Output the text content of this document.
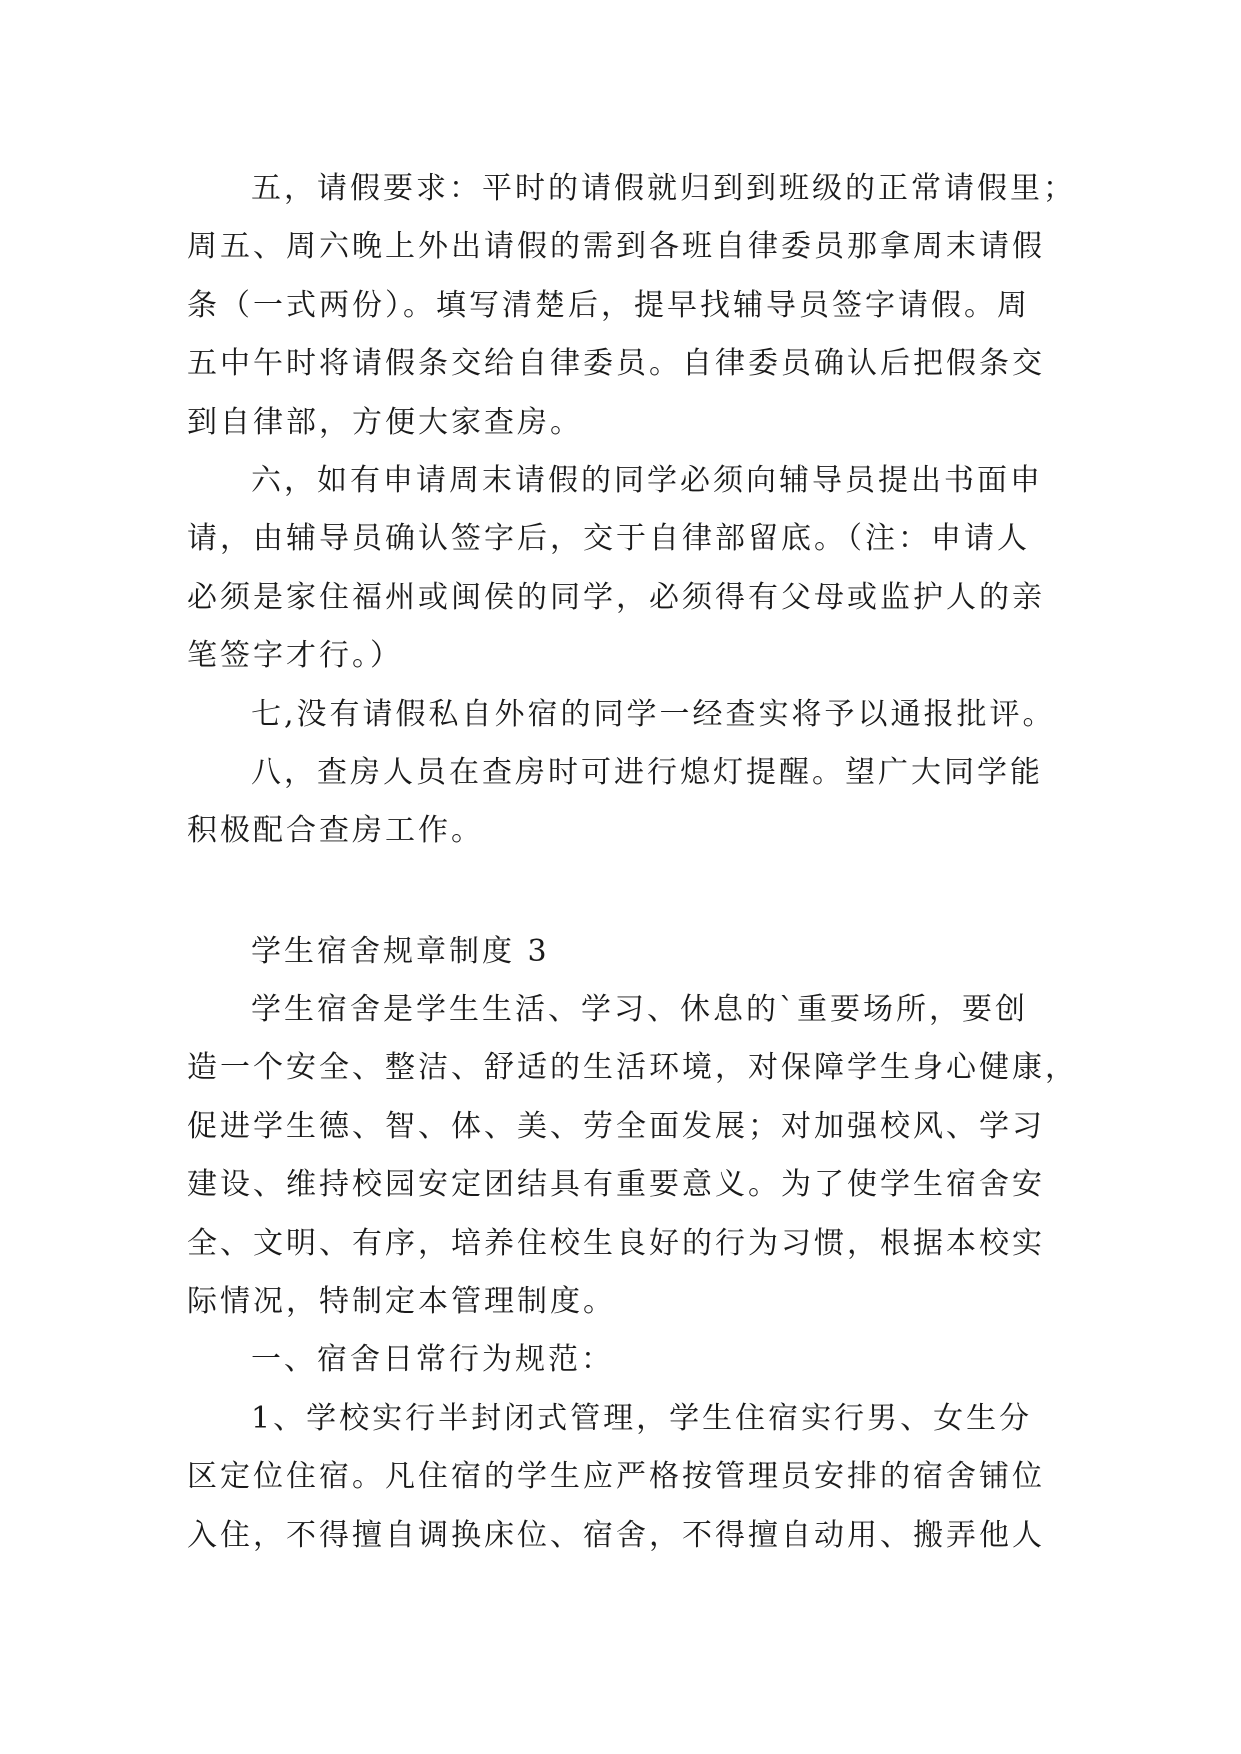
五，请假要求：平时的请假就归到到班级的正常请假里；
周五、周六晚上外出请假的需到各班自律委员那拿周末请假
条（一式两份）。填写清楚后，提早找辅导员签字请假。周
五中午时将请假条交给自律委员。自律委员确认后把假条交
到自律部，方便大家查房。
六，如有申请周末请假的同学必须向辅导员提出书面申
请，由辅导员确认签字后，交于自律部留底。（注：申请人
必须是家住福州或闽侯的同学，必须得有父母或监护人的亲
笔签字才行。）
七,没有请假私自外宿的同学一经查实将予以通报批评。
八，查房人员在查房时可进行熄灯提醒。望广大同学能
积极配合查房工作。
学生宿舍规章制度 3
学生宿舍是学生生活、学习、休息的`重要场所，要创
造一个安全、整洁、舒适的生活环境，对保障学生身心健康，
促进学生德、智、体、美、劳全面发展；对加强校风、学习
建设、维持校园安定团结具有重要意义。为了使学生宿舍安
全、文明、有序，培养住校生良好的行为习惯，根据本校实
际情况，特制定本管理制度。
一、宿舍日常行为规范：
1、学校实行半封闭式管理，学生住宿实行男、女生分
区定位住宿。凡住宿的学生应严格按管理员安排的宿舍铺位
入住，不得擅自调换床位、宿舍，不得擅自动用、搬弄他人
